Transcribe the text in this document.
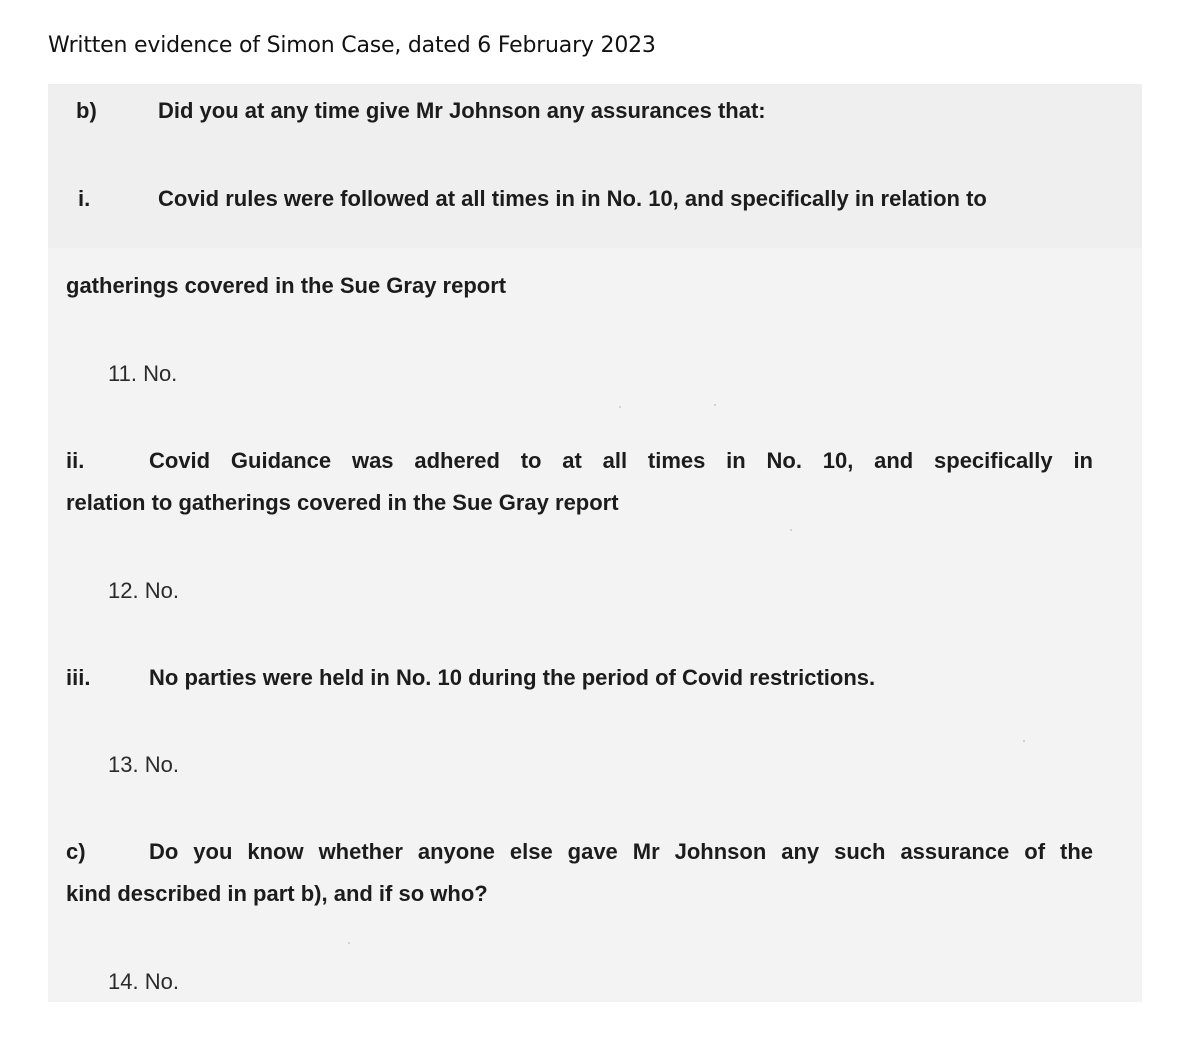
Written evidence of Simon Case, dated 6 February 2023
b)	Did you at any time give Mr Johnson any assurances that:
i.	Covid rules were followed at all times in in No. 10, and specifically in relation to
gatherings covered in the Sue Gray report
11. No.
ii.	Covid Guidance was adhered to at all times in No. 10, and specifically in
relation to gatherings covered in the Sue Gray report
12. No.
iii.	No parties were held in No. 10 during the period of Covid restrictions.
13. No.
c)	Do you know whether anyone else gave Mr Johnson any such assurance of the
kind described in part b), and if so who?
14. No.
